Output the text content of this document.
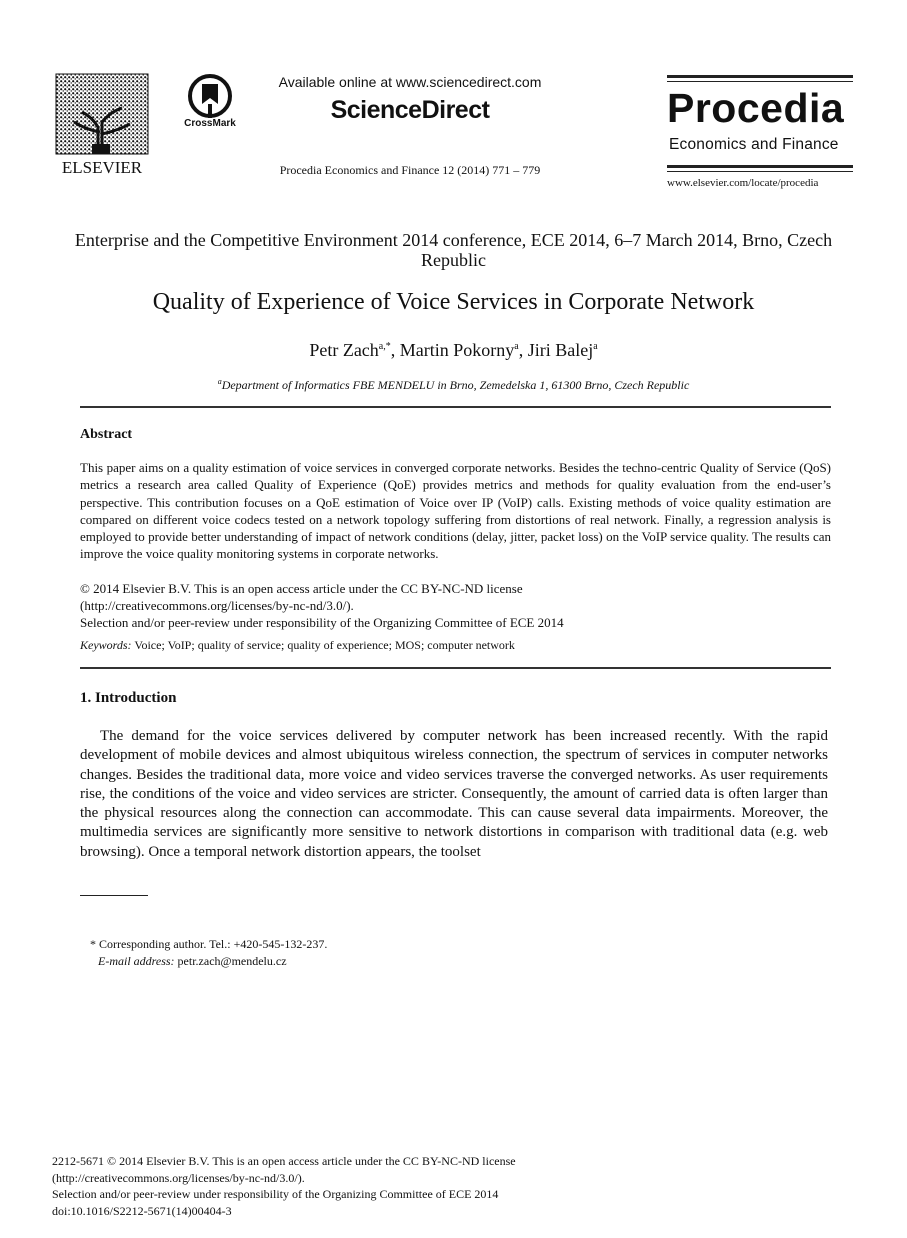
ELSEVIER
CrossMark
Available online at www.sciencedirect.com
ScienceDirect
Procedia Economics and Finance 12 (2014) 771 – 779
Procedia
Economics and Finance
www.elsevier.com/locate/procedia
Enterprise and the Competitive Environment 2014 conference, ECE 2014, 6–7 March 2014, Brno, Czech Republic
Quality of Experience of Voice Services in Corporate Network
Petr Zach$^{a,*}$, Martin Pokorny$^a$, Jiri Balej$^a$
$^a$Department of Informatics FBE MENDELU in Brno, Zemedelska 1, 61300 Brno, Czech Republic
Abstract
This paper aims on a quality estimation of voice services in converged corporate networks. Besides the techno-centric Quality of Service (QoS) metrics a research area called Quality of Experience (QoE) provides metrics and methods for quality evaluation from the end-user’s perspective. This contribution focuses on a QoE estimation of Voice over IP (VoIP) calls. Existing methods of voice quality estimation are compared on different voice codecs tested on a network topology suffering from distortions of real network. Finally, a regression analysis is employed to provide better understanding of impact of network conditions (delay, jitter, packet loss) on the VoIP service quality. The results can improve the voice quality monitoring systems in corporate networks.
© 2014 Elsevier B.V. This is an open access article under the CC BY-NC-ND license
(http://creativecommons.org/licenses/by-nc-nd/3.0/).
Selection and/or peer-review under responsibility of the Organizing Committee of ECE 2014
Keywords: Voice; VoIP; quality of service; quality of experience; MOS; computer network
1. Introduction
The demand for the voice services delivered by computer network has been increased recently. With the rapid development of mobile devices and almost ubiquitous wireless connection, the spectrum of services in computer networks changes. Besides the traditional data, more voice and video services traverse the converged networks. As user requirements rise, the conditions of the voice and video services are stricter. Consequently, the amount of carried data is often larger than the physical resources along the connection can accommodate. This can cause several data impairments. Moreover, the multimedia services are significantly more sensitive to network distortions in comparison with traditional data (e.g. web browsing). Once a temporal network distortion appears, the toolset
* Corresponding author. Tel.: +420-545-132-237.
E-mail address: petr.zach@mendelu.cz
2212-5671 © 2014 Elsevier B.V. This is an open access article under the CC BY-NC-ND license
(http://creativecommons.org/licenses/by-nc-nd/3.0/).
Selection and/or peer-review under responsibility of the Organizing Committee of ECE 2014
doi:10.1016/S2212-5671(14)00404-3
